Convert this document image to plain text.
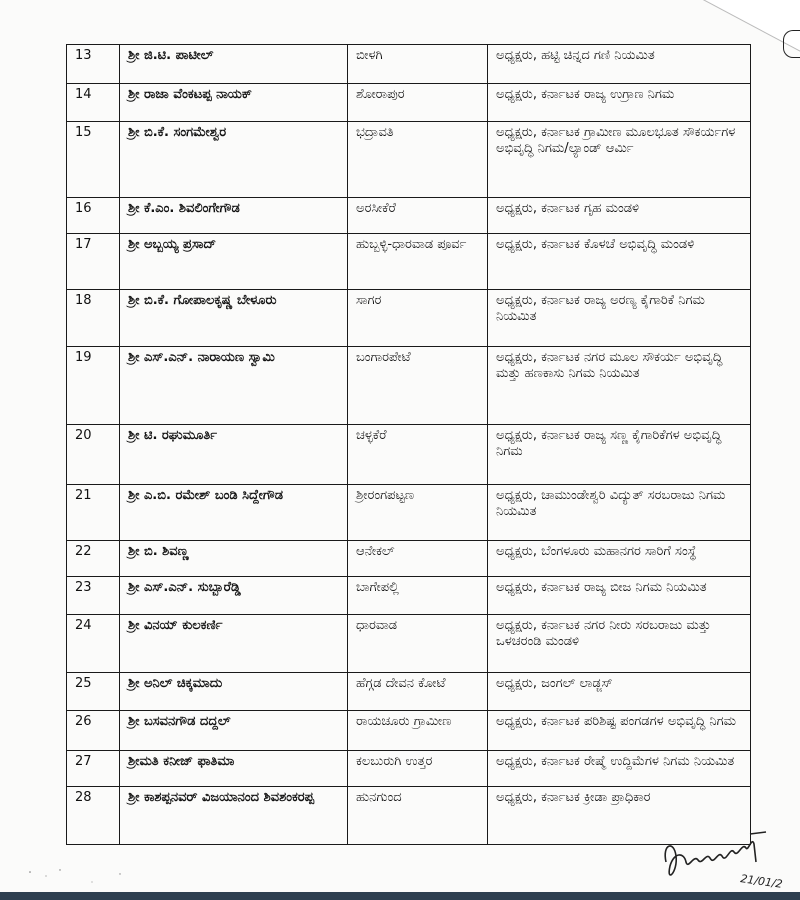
13	ಶ್ರೀ ಜಿ.ಟಿ. ಪಾಟೀಲ್	ಬೀಳಗಿ	ಅಧ್ಯಕ್ಷರು, ಹಟ್ಟಿ ಚಿನ್ನದ ಗಣಿ ನಿಯಮಿತ
14	ಶ್ರೀ ರಾಜಾ ವೆಂಕಟಪ್ಪ ನಾಯಕ್	ಶೋರಾಪುರ	ಅಧ್ಯಕ್ಷರು, ಕರ್ನಾಟಕ ರಾಜ್ಯ ಉಗ್ರಾಣ ನಿಗಮ
15	ಶ್ರೀ ಬಿ.ಕೆ. ಸಂಗಮೇಶ್ವರ	ಭದ್ರಾವತಿ	ಅಧ್ಯಕ್ಷರು, ಕರ್ನಾಟಕ ಗ್ರಾಮೀಣ ಮೂಲಭೂತ ಸೌಕರ್ಯಗಳ ಅಭಿವೃದ್ಧಿ ನಿಗಮ/ಲ್ಯಾಂಡ್ ಆರ್ಮಿ
16	ಶ್ರೀ ಕೆ.ಎಂ. ಶಿವಲಿಂಗೇಗೌಡ	ಅರಸೀಕೆರೆ	ಅಧ್ಯಕ್ಷರು, ಕರ್ನಾಟಕ ಗೃಹ ಮಂಡಳಿ
17	ಶ್ರೀ ಅಬ್ಬಯ್ಯ ಪ್ರಸಾದ್	ಹುಬ್ಬಳ್ಳಿ-ಧಾರವಾಡ ಪೂರ್ವ	ಅಧ್ಯಕ್ಷರು, ಕರ್ನಾಟಕ ಕೊಳಚೆ ಅಭಿವೃದ್ಧಿ ಮಂಡಳಿ
18	ಶ್ರೀ ಬಿ.ಕೆ. ಗೋಪಾಲಕೃಷ್ಣ ಬೇಳೂರು	ಸಾಗರ	ಅಧ್ಯಕ್ಷರು, ಕರ್ನಾಟಕ ರಾಜ್ಯ ಅರಣ್ಯ ಕೈಗಾರಿಕೆ ನಿಗಮ ನಿಯಮಿತ
19	ಶ್ರೀ ಎಸ್.ಎನ್. ನಾರಾಯಣ ಸ್ವಾಮಿ	ಬಂಗಾರಪೇಟೆ	ಅಧ್ಯಕ್ಷರು, ಕರ್ನಾಟಕ ನಗರ ಮೂಲ ಸೌಕರ್ಯ ಅಭಿವೃದ್ಧಿ ಮತ್ತು ಹಣಕಾಸು ನಿಗಮ ನಿಯಮಿತ
20	ಶ್ರೀ ಟಿ. ರಘುಮೂರ್ತಿ	ಚಳ್ಳಕೆರೆ	ಅಧ್ಯಕ್ಷರು, ಕರ್ನಾಟಕ ರಾಜ್ಯ ಸಣ್ಣ ಕೈಗಾರಿಕೆಗಳ ಅಭಿವೃದ್ಧಿ ನಿಗಮ
21	ಶ್ರೀ ಎ.ಬಿ. ರಮೇಶ್ ಬಂಡಿ ಸಿದ್ದೇಗೌಡ	ಶ್ರೀರಂಗಪಟ್ಟಣ	ಅಧ್ಯಕ್ಷರು, ಚಾಮುಂಡೇಶ್ವರಿ ವಿದ್ಯುತ್ ಸರಬರಾಜು ನಿಗಮ ನಿಯಮಿತ
22	ಶ್ರೀ ಬಿ. ಶಿವಣ್ಣ	ಆನೇಕಲ್	ಅಧ್ಯಕ್ಷರು, ಬೆಂಗಳೂರು ಮಹಾನಗರ ಸಾರಿಗೆ ಸಂಸ್ಥೆ
23	ಶ್ರೀ ಎಸ್.ಎನ್. ಸುಬ್ಬಾರೆಡ್ಡಿ	ಬಾಗೇಪಲ್ಲಿ	ಅಧ್ಯಕ್ಷರು, ಕರ್ನಾಟಕ ರಾಜ್ಯ ಬೀಜ ನಿಗಮ ನಿಯಮಿತ
24	ಶ್ರೀ ವಿನಯ್ ಕುಲಕರ್ಣಿ	ಧಾರವಾಡ	ಅಧ್ಯಕ್ಷರು, ಕರ್ನಾಟಕ ನಗರ ನೀರು ಸರಬರಾಜು ಮತ್ತು ಒಳಚರಂಡಿ ಮಂಡಳಿ
25	ಶ್ರೀ ಅನಿಲ್ ಚಿಕ್ಕಮಾದು	ಹೆಗ್ಗಡ ದೇವನ ಕೋಟೆ	ಅಧ್ಯಕ್ಷರು, ಜಂಗಲ್ ಲಾಡ್ಜಸ್
26	ಶ್ರೀ ಬಸವನಗೌಡ ದದ್ದಲ್	ರಾಯಚೂರು ಗ್ರಾಮೀಣ	ಅಧ್ಯಕ್ಷರು, ಕರ್ನಾಟಕ ಪರಿಶಿಷ್ಟ ಪಂಗಡಗಳ ಅಭಿವೃದ್ಧಿ ನಿಗಮ
27	ಶ್ರೀಮತಿ ಕನೀಜ್ ಫಾತಿಮಾ	ಕಲಬುರುಗಿ ಉತ್ತರ	ಅಧ್ಯಕ್ಷರು, ಕರ್ನಾಟಕ ರೇಷ್ಮೆ ಉದ್ದಿಮೆಗಳ ನಿಗಮ ನಿಯಮಿತ
28	ಶ್ರೀ ಕಾಶಪ್ಪನವರ್ ವಿಜಯಾನಂದ ಶಿವಶಂಕರಪ್ಪ	ಹುನಗುಂದ	ಅಧ್ಯಕ್ಷರು, ಕರ್ನಾಟಕ ಕ್ರೀಡಾ ಪ್ರಾಧಿಕಾರ
21/01/2
